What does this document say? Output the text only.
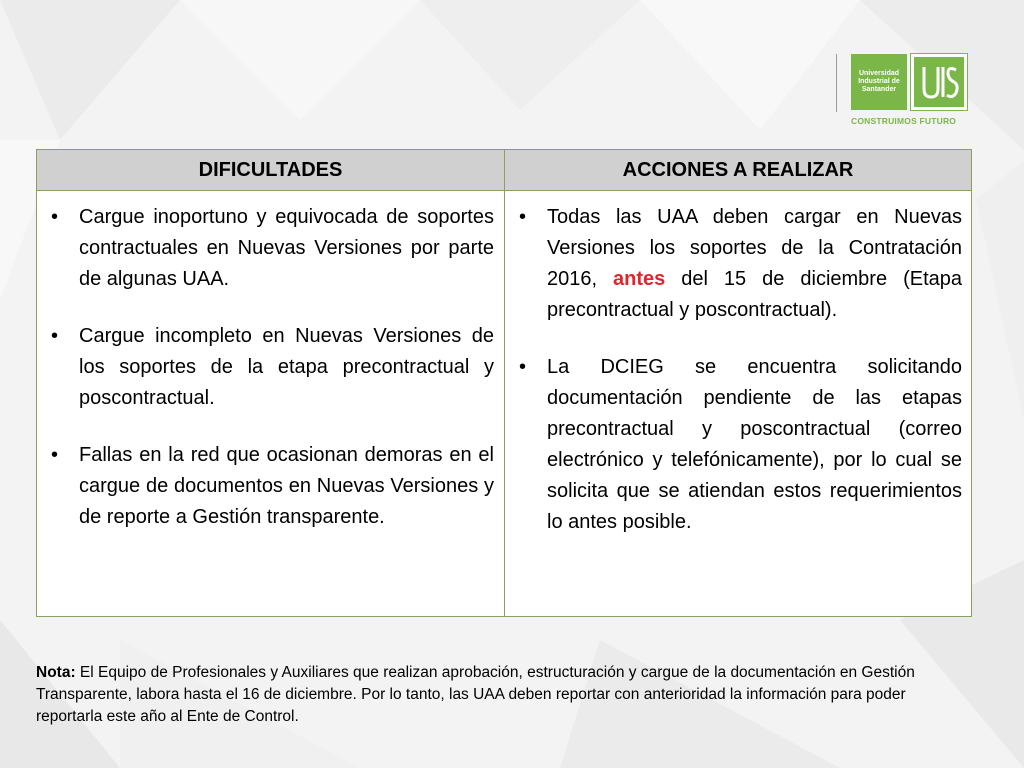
Universidad Industrial de Santander
CONSTRUIMOS FUTURO
DIFICULTADES	ACCIONES A REALIZAR
• Cargue inoportuno y equivocada de soportes contractuales en Nuevas Versiones por parte de algunas UAA.
• Cargue incompleto en Nuevas Versiones de los soportes de la etapa precontractual y poscontractual.
• Fallas en la red que ocasionan demoras en el cargue de documentos en Nuevas Versiones y de reporte a Gestión transparente.
• Todas las UAA deben cargar en Nuevas Versiones los soportes de la Contratación 2016, antes del 15 de diciembre (Etapa precontractual y poscontractual).
• La DCIEG se encuentra solicitando documentación pendiente de las etapas precontractual y poscontractual (correo electrónico y telefónicamente), por lo cual se solicita que se atiendan estos requerimientos lo antes posible.
Nota: El Equipo de Profesionales y Auxiliares que realizan aprobación, estructuración y cargue de la documentación en Gestión Transparente, labora hasta el 16 de diciembre. Por lo tanto, las UAA deben reportar con anterioridad la información para poder reportarla este año al Ente de Control.
